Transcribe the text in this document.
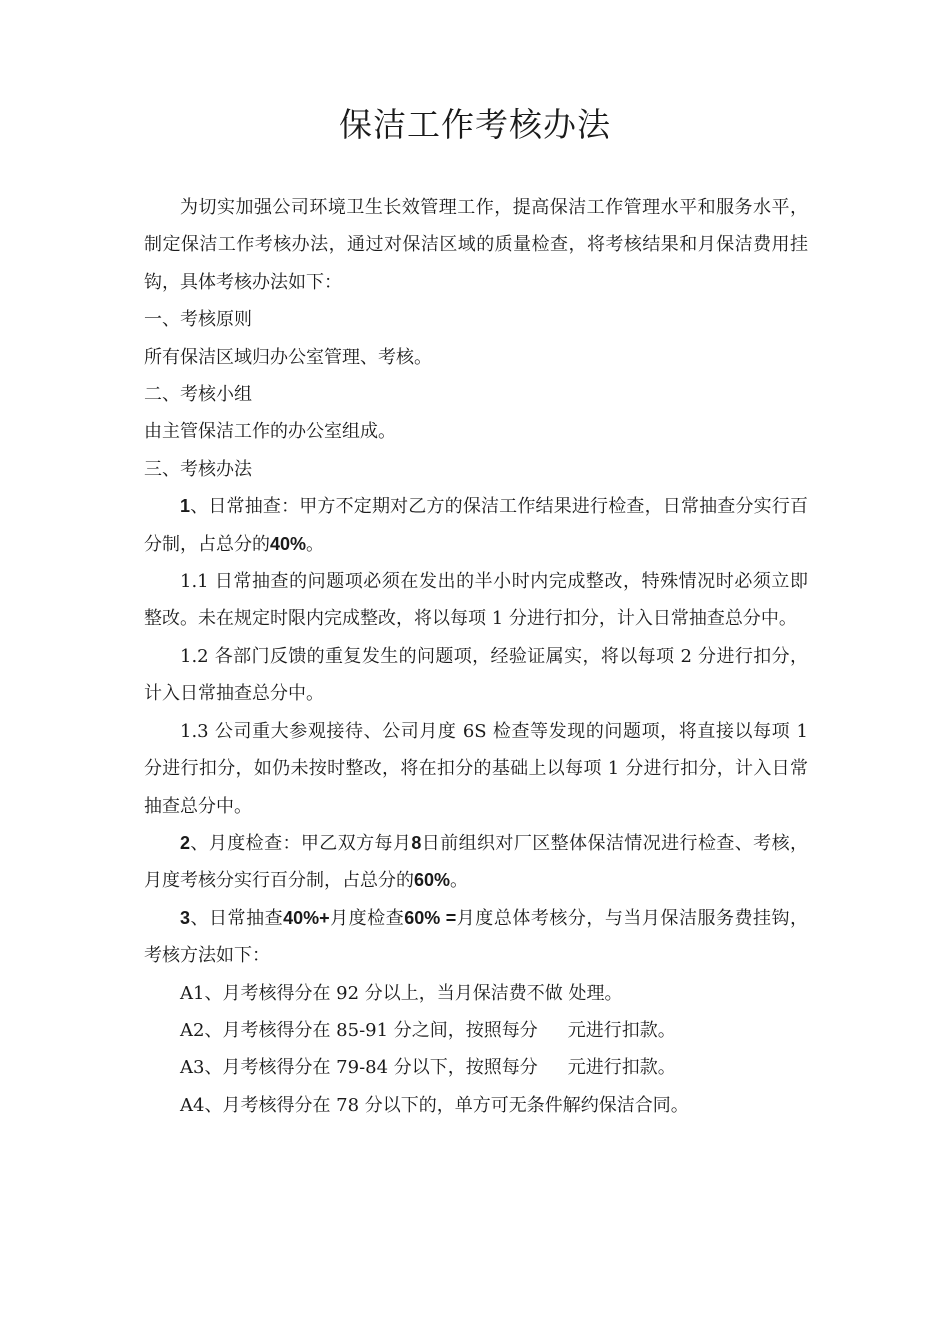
保洁工作考核办法

为切实加强公司环境卫生长效管理工作，提高保洁工作管理水平和服务水平，制定保洁工作考核办法，通过对保洁区域的质量检查，将考核结果和月保洁费用挂钩，具体考核办法如下：

一、考核原则

所有保洁区域归办公室管理、考核。

二、考核小组

由主管保洁工作的办公室组成。

三、考核办法

1、日常抽查：甲方不定期对乙方的保洁工作结果进行检查，日常抽查分实行百分制，占总分的40%。

1.1 日常抽查的问题项必须在发出的半小时内完成整改，特殊情况时必须立即整改。未在规定时限内完成整改，将以每项 1 分进行扣分，计入日常抽查总分中。

1.2 各部门反馈的重复发生的问题项，经验证属实，将以每项 2 分进行扣分，计入日常抽查总分中。

1.3 公司重大参观接待、公司月度 6S 检查等发现的问题项，将直接以每项 1 分进行扣分，如仍未按时整改，将在扣分的基础上以每项 1 分进行扣分，计入日常抽查总分中。

2、月度检查：甲乙双方每月8日前组织对厂区整体保洁情况进行检查、考核，月度考核分实行百分制，占总分的60%。

3、日常抽查40%+月度检查60% =月度总体考核分，与当月保洁服务费挂钩，考核方法如下：

A1、月考核得分在 92 分以上，当月保洁费不做 处理。

A2、月考核得分在 85-91 分之间，按照每分 元进行扣款。

A3、月考核得分在 79-84 分以下，按照每分 元进行扣款。

A4、月考核得分在 78 分以下的，单方可无条件解约保洁合同。
